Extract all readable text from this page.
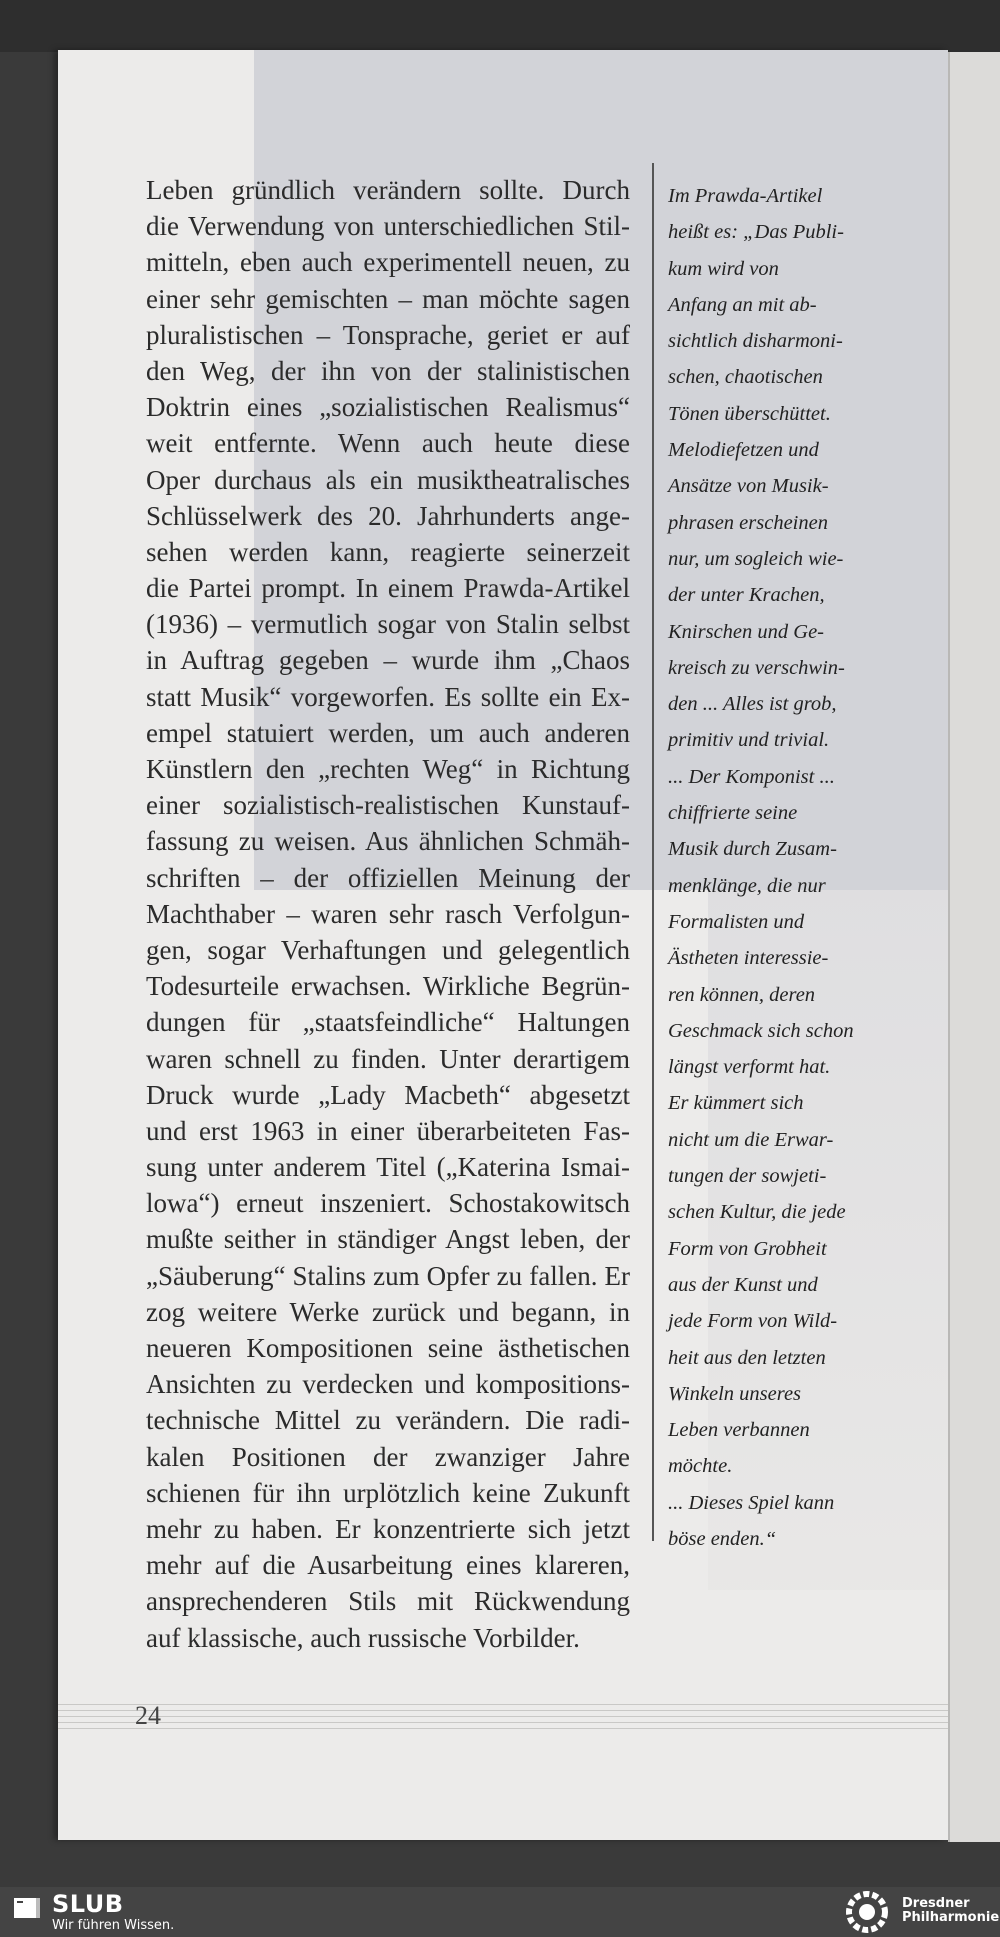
Leben gründlich verändern sollte. Durch
die Verwendung von unterschiedlichen Stil-
mitteln, eben auch experimentell neuen, zu
einer sehr gemischten – man möchte sagen
pluralistischen – Tonsprache, geriet er auf
den Weg, der ihn von der stalinistischen
Doktrin eines „sozialistischen Realismus“
weit entfernte. Wenn auch heute diese
Oper durchaus als ein musiktheatralisches
Schlüsselwerk des 20. Jahrhunderts ange-
sehen werden kann, reagierte seinerzeit
die Partei prompt. In einem Prawda-Artikel
(1936) – vermutlich sogar von Stalin selbst
in Auftrag gegeben – wurde ihm „Chaos
statt Musik“ vorgeworfen. Es sollte ein Ex-
empel statuiert werden, um auch anderen
Künstlern den „rechten Weg“ in Richtung
einer sozialistisch-realistischen Kunstauf-
fassung zu weisen. Aus ähnlichen Schmäh-
schriften – der offiziellen Meinung der
Machthaber – waren sehr rasch Verfolgun-
gen, sogar Verhaftungen und gelegentlich
Todesurteile erwachsen. Wirkliche Begrün-
dungen für „staatsfeindliche“ Haltungen
waren schnell zu finden. Unter derartigem
Druck wurde „Lady Macbeth“ abgesetzt
und erst 1963 in einer überarbeiteten Fas-
sung unter anderem Titel („Katerina Ismai-
lowa“) erneut inszeniert. Schostakowitsch
mußte seither in ständiger Angst leben, der
„Säuberung“ Stalins zum Opfer zu fallen. Er
zog weitere Werke zurück und begann, in
neueren Kompositionen seine ästhetischen
Ansichten zu verdecken und kompositions-
technische Mittel zu verändern. Die radi-
kalen Positionen der zwanziger Jahre
schienen für ihn urplötzlich keine Zukunft
mehr zu haben. Er konzentrierte sich jetzt
mehr auf die Ausarbeitung eines klareren,
ansprechenderen Stils mit Rückwendung
auf klassische, auch russische Vorbilder.
Im Prawda-Artikel
heißt es: „Das Publi-
kum wird von
Anfang an mit ab-
sichtlich disharmoni-
schen, chaotischen
Tönen überschüttet.
Melodiefetzen und
Ansätze von Musik-
phrasen erscheinen
nur, um sogleich wie-
der unter Krachen,
Knirschen und Ge-
kreisch zu verschwin-
den ... Alles ist grob,
primitiv und trivial.
... Der Komponist ...
chiffrierte seine
Musik durch Zusam-
menklänge, die nur
Formalisten und
Ästheten interessie-
ren können, deren
Geschmack sich schon
längst verformt hat.
Er kümmert sich
nicht um die Erwar-
tungen der sowjeti-
schen Kultur, die jede
Form von Grobheit
aus der Kunst und
jede Form von Wild-
heit aus den letzten
Winkeln unseres
Leben verbannen
möchte.
... Dieses Spiel kann
böse enden.“
24
SLUB
Wir führen Wissen.
Dresdner
Philharmonie
